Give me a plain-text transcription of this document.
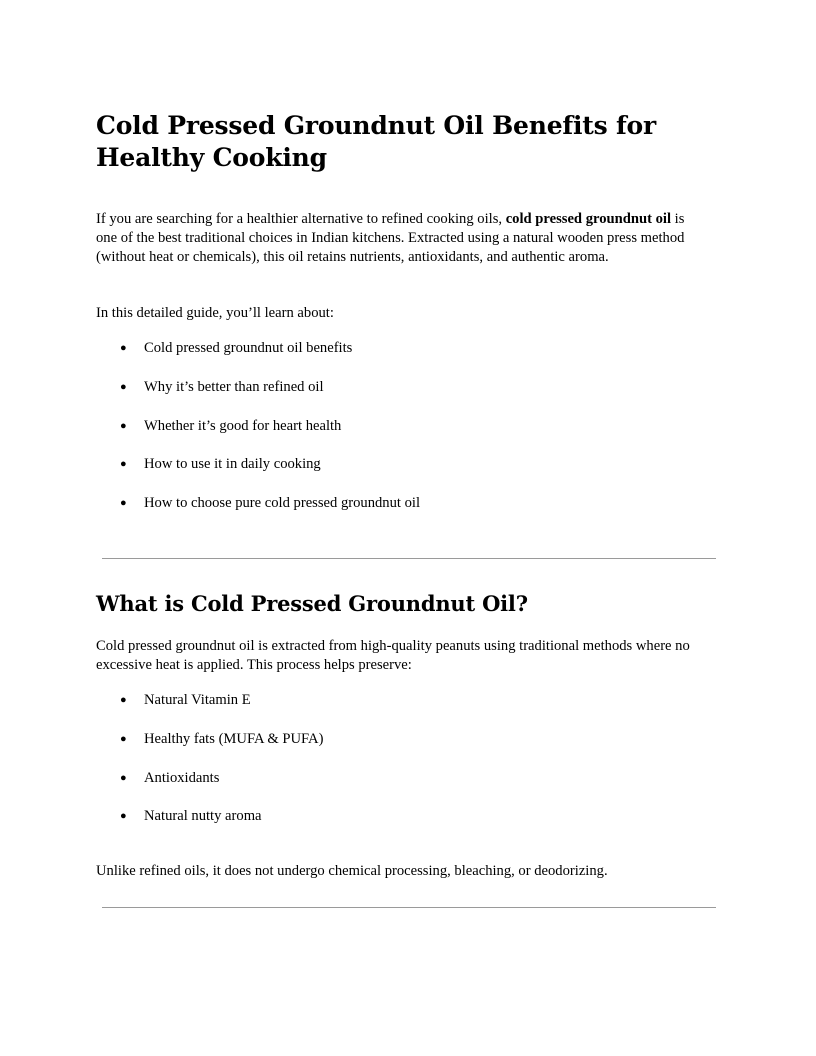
Cold Pressed Groundnut Oil Benefits for Healthy Cooking

If you are searching for a healthier alternative to refined cooking oils, cold pressed groundnut oil is one of the best traditional choices in Indian kitchens. Extracted using a natural wooden press method (without heat or chemicals), this oil retains nutrients, antioxidants, and authentic aroma.

In this detailed guide, you’ll learn about:

● Cold pressed groundnut oil benefits
● Why it’s better than refined oil
● Whether it’s good for heart health
● How to use it in daily cooking
● How to choose pure cold pressed groundnut oil
What is Cold Pressed Groundnut Oil?

Cold pressed groundnut oil is extracted from high-quality peanuts using traditional methods where no excessive heat is applied. This process helps preserve:

● Natural Vitamin E
● Healthy fats (MUFA & PUFA)
● Antioxidants
● Natural nutty aroma

Unlike refined oils, it does not undergo chemical processing, bleaching, or deodorizing.
